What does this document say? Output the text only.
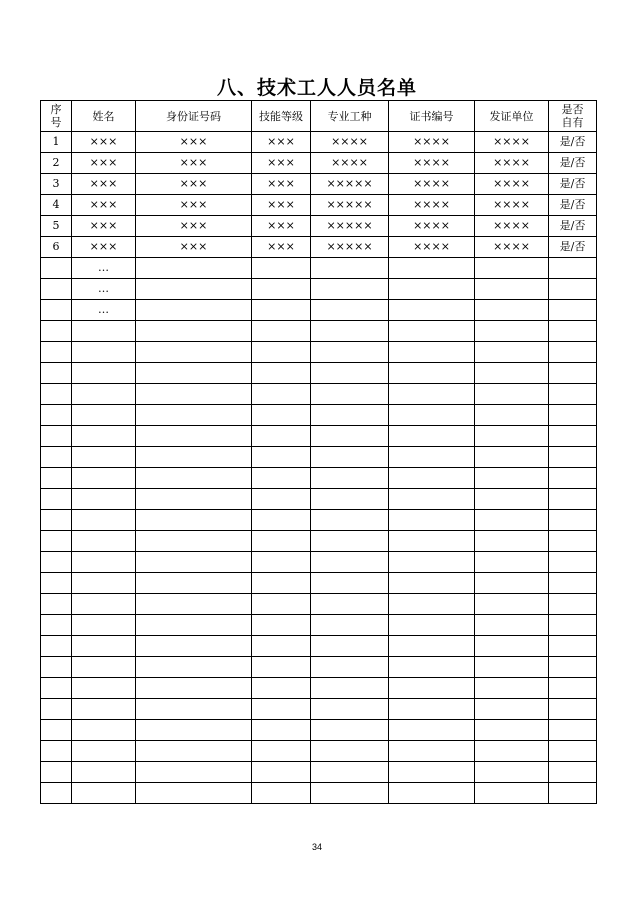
八、技术工人人员名单
序
号	姓名	身份证号码	技能等级	专业工种	证书编号	发证单位	是否
自有
1	×××	×××	×××	××××	××××	××××	是/否
2	×××	×××	×××	××××	××××	××××	是/否
3	×××	×××	×××	×××××	××××	××××	是/否
4	×××	×××	×××	×××××	××××	××××	是/否
5	×××	×××	×××	×××××	××××	××××	是/否
6	×××	×××	×××	×××××	××××	××××	是/否
	…						
	…						
	…						

34
